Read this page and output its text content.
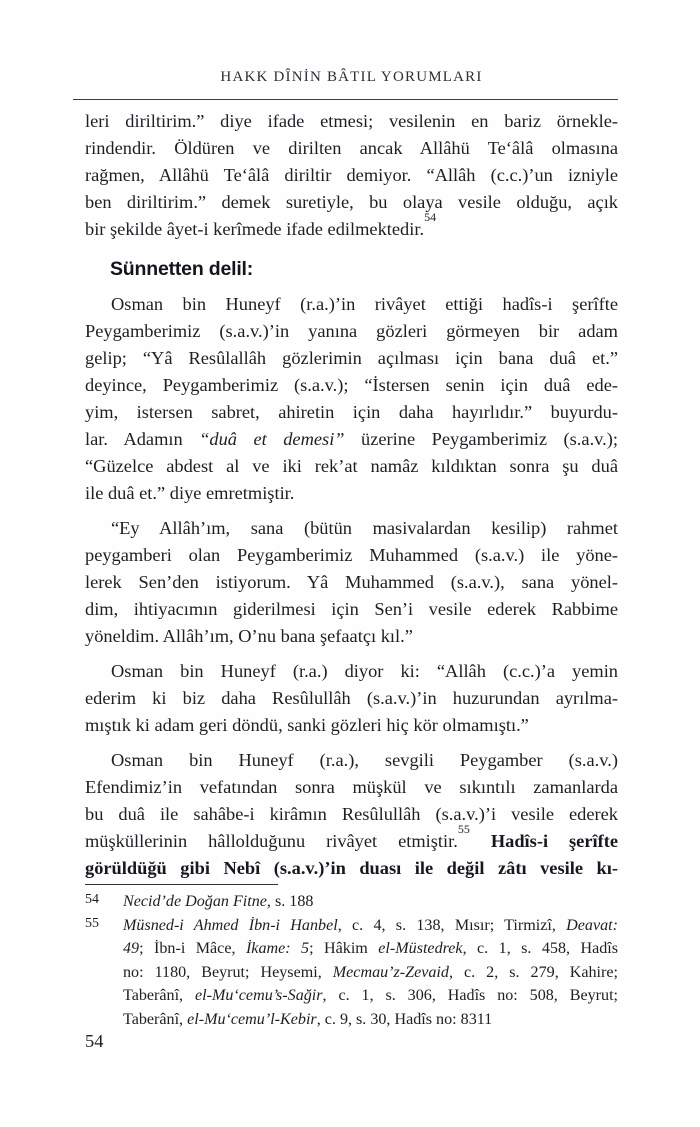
HAKK DÎNİN BÂTIL YORUMLARI
leri diriltirim.” diye ifade etmesi; vesilenin en bariz örnekle-
rindendir. Öldüren ve dirilten ancak Allâhü Te‘âlâ olmasına
rağmen, Allâhü Te‘âlâ diriltir demiyor. “Allâh (c.c.)’un izniyle
ben diriltirim.” demek suretiyle, bu olaya vesile olduğu, açık
bir şekilde âyet-i kerîmede ifade edilmektedir.$^{54}$
Sünnetten delil:
Osman bin Huneyf (r.a.)’in rivâyet ettiği hadîs-i şerîfte
Peygamberimiz (s.a.v.)’in yanına gözleri görmeyen bir adam
gelip; “Yâ Resûlallâh gözlerimin açılması için bana duâ et.”
deyince, Peygamberimiz (s.a.v.); “İstersen senin için duâ ede-
yim, istersen sabret, ahiretin için daha hayırlıdır.” buyurdu-
lar. Adamın “duâ et demesi” üzerine Peygamberimiz (s.a.v.);
“Güzelce abdest al ve iki rek’at namâz kıldıktan sonra şu duâ
ile duâ et.” diye emretmiştir.
“Ey Allâh’ım, sana (bütün masivalardan kesilip) rahmet
peygamberi olan Peygamberimiz Muhammed (s.a.v.) ile yöne-
lerek Sen’den istiyorum. Yâ Muhammed (s.a.v.), sana yönel-
dim, ihtiyacımın giderilmesi için Sen’i vesile ederek Rabbime
yöneldim. Allâh’ım, O’nu bana şefaatçı kıl.”
Osman bin Huneyf (r.a.) diyor ki: “Allâh (c.c.)’a yemin
ederim ki biz daha Resûlullâh (s.a.v.)’in huzurundan ayrılma-
mıştık ki adam geri döndü, sanki gözleri hiç kör olmamıştı.”
Osman bin Huneyf (r.a.), sevgili Peygamber (s.a.v.)
Efendimiz’in vefatından sonra müşkül ve sıkıntılı zamanlarda
bu duâ ile sahâbe-i kirâmın Resûlullâh (s.a.v.)’i vesile ederek
müşküllerinin hâllolduğunu rivâyet etmiştir.$^{55}$ Hadîs-i şerîfte
görüldüğü gibi Nebî (s.a.v.)’in duası ile değil zâtı vesile kı-
54 Necid’de Doğan Fitne, s. 188
55 Müsned-i Ahmed İbn-i Hanbel, c. 4, s. 138, Mısır; Tirmizî, Deavat:
49; İbn-i Mâce, İkame: 5; Hâkim el-Müstedrek, c. 1, s. 458, Hadîs
no: 1180, Beyrut; Heysemi, Mecmau’z-Zevaid, c. 2, s. 279, Kahire;
Taberânî, el-Mu‘cemu’s-Sağir, c. 1, s. 306, Hadîs no: 508, Beyrut;
Taberânî, el-Mu‘cemu’l-Kebir, c. 9, s. 30, Hadîs no: 8311
54
